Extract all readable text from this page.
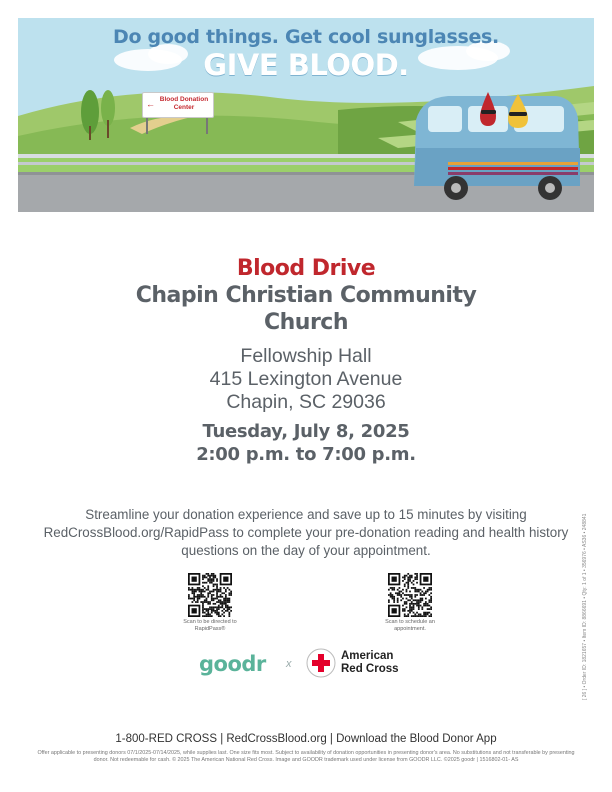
Do good things. Get cool sunglasses.
GIVE BLOOD.
← Blood Donation Center
Blood Drive
Chapin Christian Community Church
Fellowship Hall
415 Lexington Avenue
Chapin, SC 29036
Tuesday, July 8, 2025
2:00 p.m. to 7:00 p.m.
Streamline your donation experience and save up to 15 minutes by visiting RedCrossBlood.org/RapidPass to complete your pre-donation reading and health history questions on the day of your appointment.
Scan to be directed to RapidPass®
Scan to schedule an appointment.	[ 26 ] • Order ID: 1821657 • Item ID: 8866691 • Qty: 1 of 1 • 356976 • AS36 • 248841
goodr x
American
Red Cross
1-800-RED CROSS | RedCrossBlood.org | Download the Blood Donor App
Offer applicable to presenting donors 07/1/2025-07/14/2025, while supplies last. One size fits most. Subject to availability of donation opportunities in presenting donor's area. No substitutions and not transferable by presenting donor. Not redeemable for cash. © 2025 The American National Red Cross. Image and GOODR trademark used under license from GOODR LLC. ©2025 goodr | 1516802-01- AS
